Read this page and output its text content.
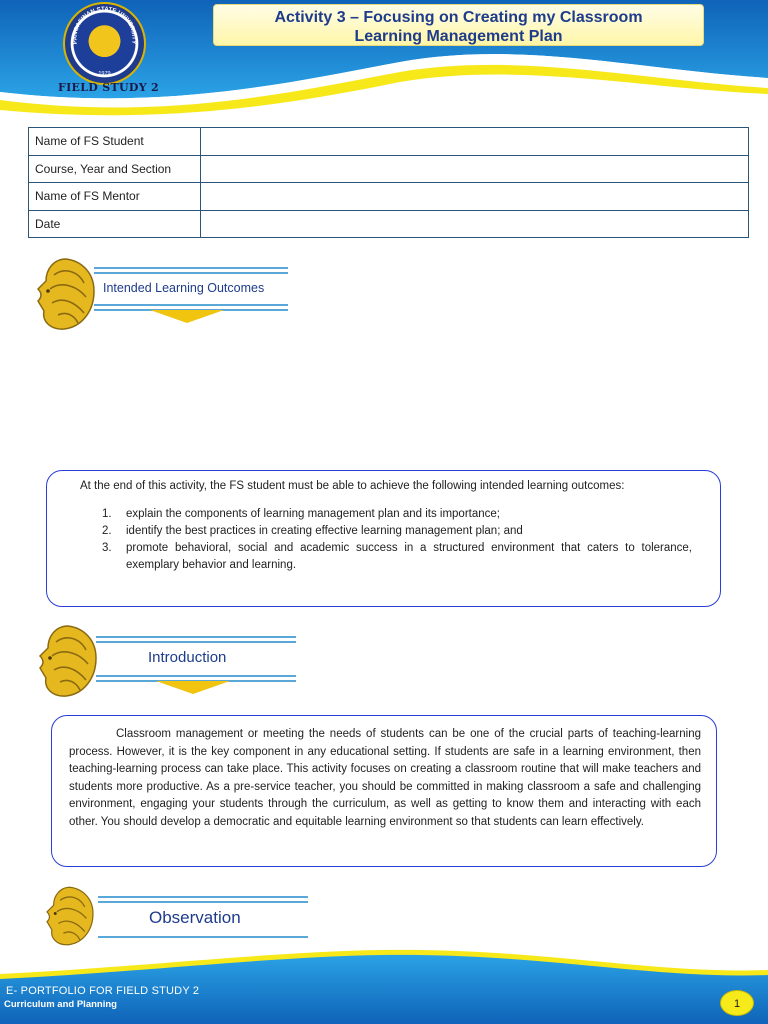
PANGASINAN STATE UNIVERSITY
1979
FIELD STUDY 2
Activity 3 – Focusing on Creating my Classroom
Learning Management Plan
Name of FS Student	
Course, Year and Section	
Name of FS Mentor	
Date	
Intended Learning Outcomes
At the end of this activity, the FS student must be able to achieve the following intended learning outcomes:
1. explain the components of learning management plan and its importance;
2. identify the best practices in creating effective learning management plan; and
3. promote behavioral, social and academic success in a structured environment that caters to tolerance, exemplary behavior and learning.
Introduction

Classroom management or meeting the needs of students can be one of the crucial parts of teaching-learning process. However, it is the key component in any educational setting. If students are safe in a learning environment, then teaching-learning process can take place. This activity focuses on creating a classroom routine that will make teachers and students more productive. As a pre-service teacher, you should be committed in making classroom a safe and challenging environment, engaging your students through the curriculum, as well as getting to know them and interacting with each other. You should develop a democratic and equitable learning environment so that students can learn effectively.

Observation
E- PORTFOLIO FOR FIELD STUDY 2
Curriculum and Planning	1
